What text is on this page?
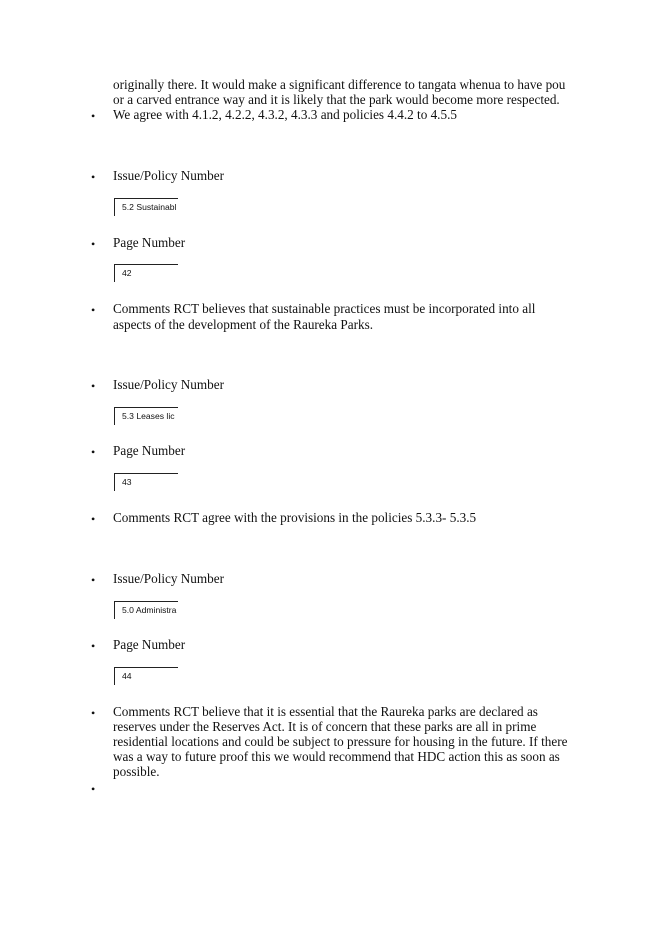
originally there. It would make a significant difference to tangata whenua to have pou
or a carved entrance way and it is likely that the park would become more respected.
•	We agree with 4.1.2, 4.2.2, 4.3.2, 4.3.3 and policies 4.4.2 to 4.5.5
•	Issue/Policy Number
5.2 Sustainabl
•	Page Number
42
•	Comments RCT believes that sustainable practices must be incorporated into all aspects of the development of the Raureka Parks.
•	Issue/Policy Number
5.3 Leases lic
•	Page Number
43
•	Comments RCT agree with the provisions in the policies 5.3.3- 5.3.5
•	Issue/Policy Number
5.0 Administra
•	Page Number
44
•	Comments RCT believe that it is essential that the Raureka parks are declared as
reserves under the Reserves Act. It is of concern that these parks are all in prime
residential locations and could be subject to pressure for housing in the future. If there
was a way to future proof this we would recommend that HDC action this as soon as
possible.
•
